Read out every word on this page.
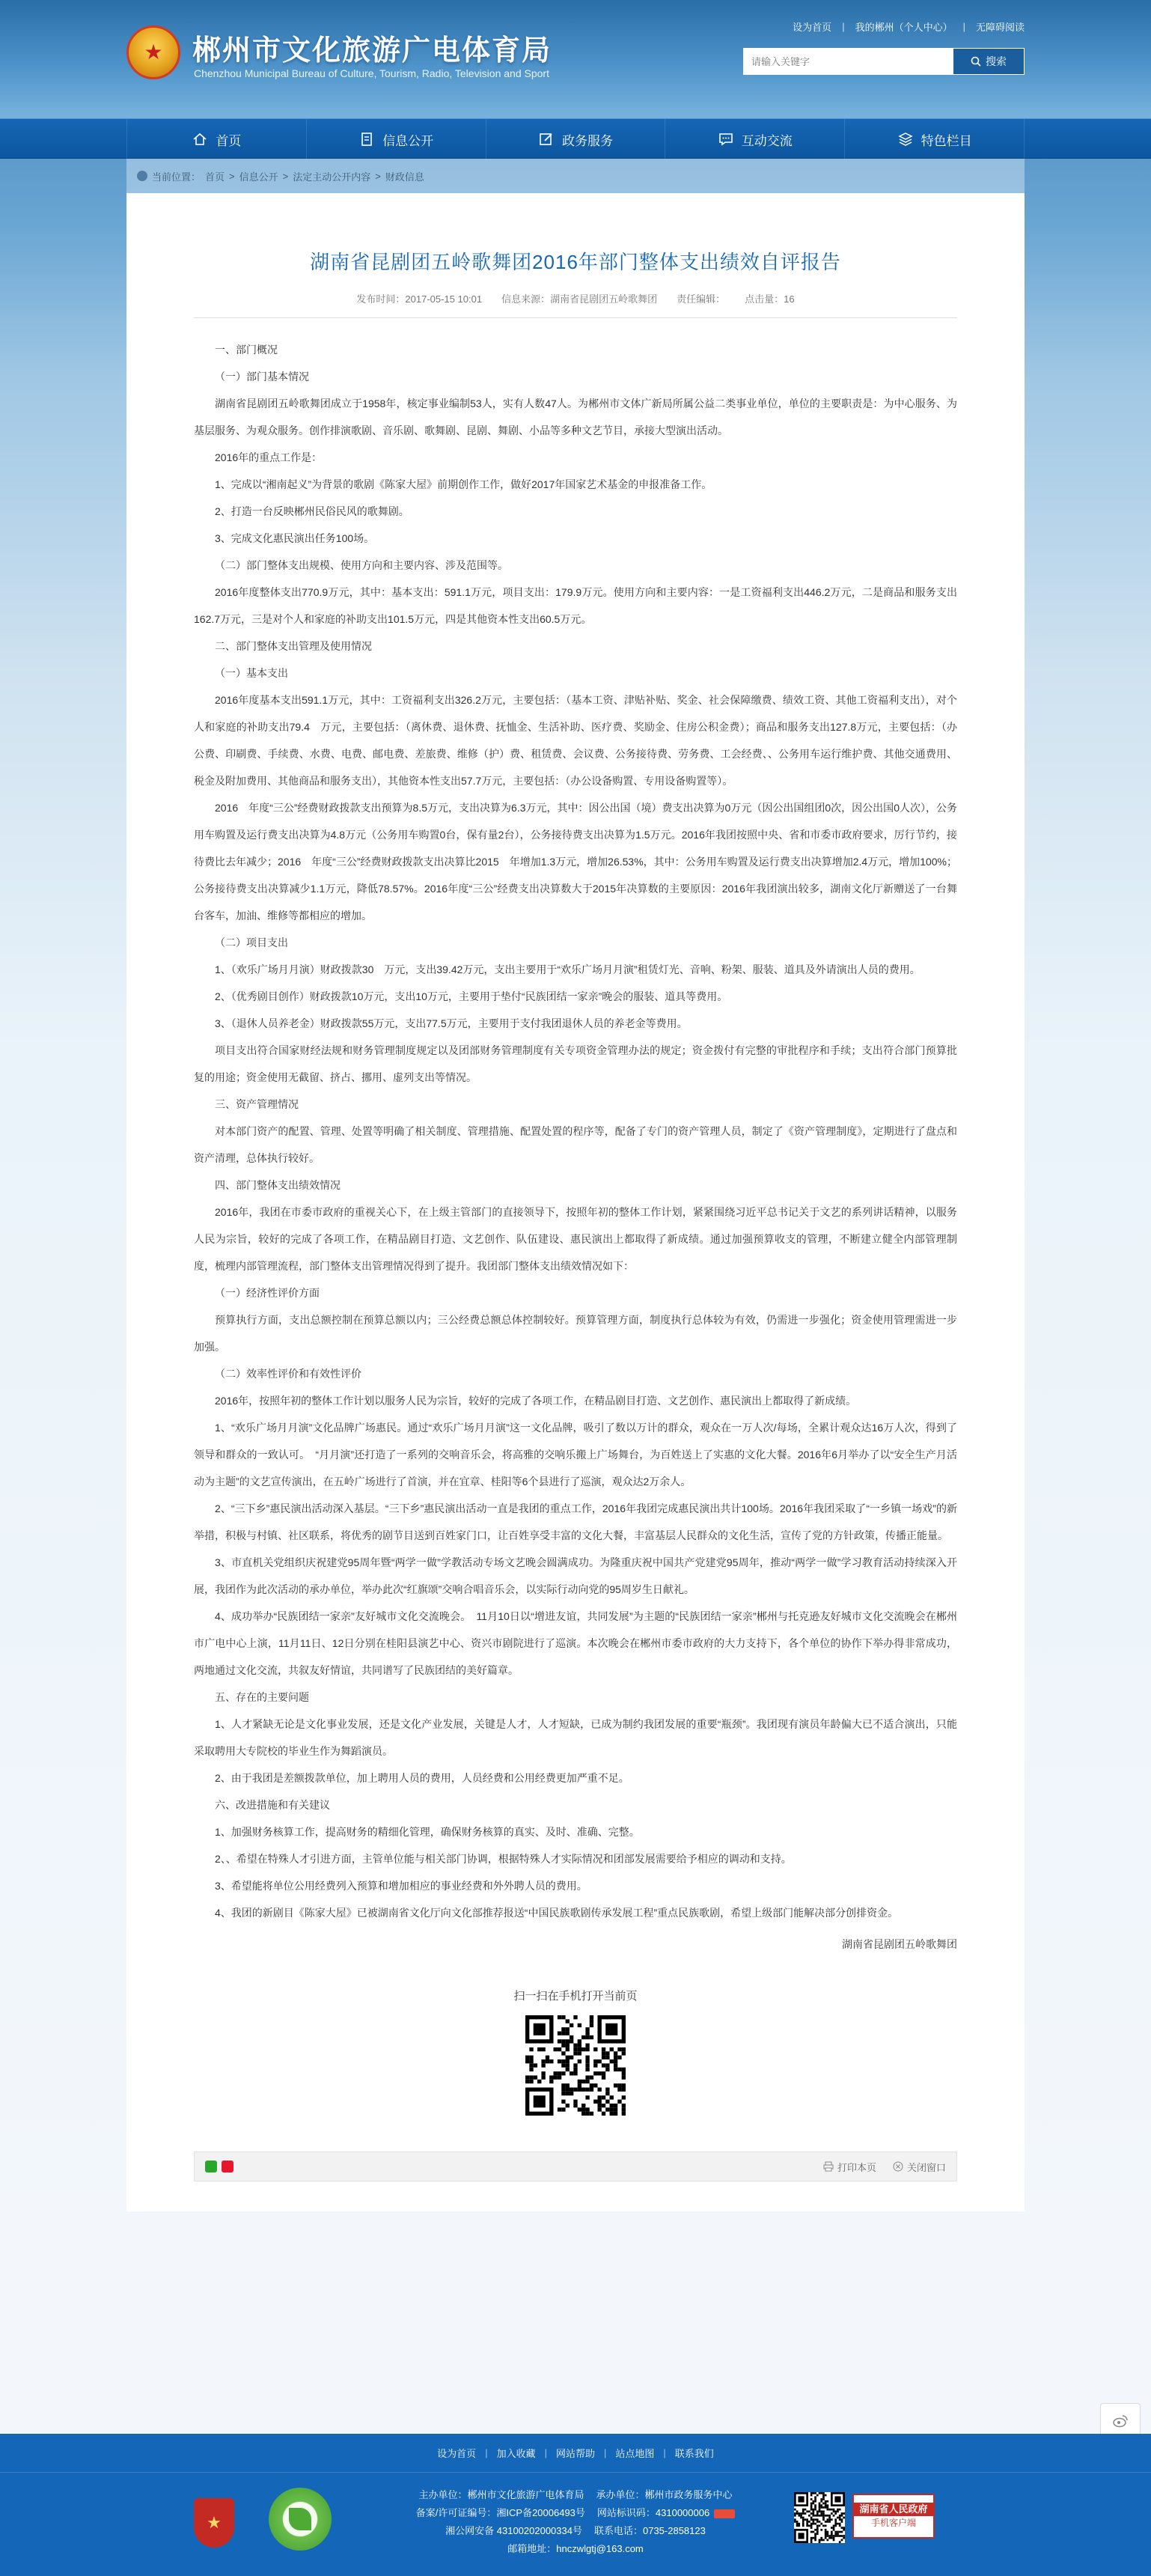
★ 郴州市文化旅游广电体育局
Chenzhou Municipal Bureau of Culture, Tourism, Radio, Television and Sport
设为首页 | 我的郴州（个人中心） | 无障碍阅读
请输入关键字
搜索
首页	信息公开	政务服务	互动交流	特色栏目
当前位置： 首页 > 信息公开 > 法定主动公开内容 > 财政信息
湖南省昆剧团五岭歌舞团2016年部门整体支出绩效自评报告
发布时间：2017-05-15 10:01 信息来源：湖南省昆剧团五岭歌舞团 责任编辑： 点击量：16

一、部门概况

（一）部门基本情况

湖南省昆剧团五岭歌舞团成立于1958年，核定事业编制53人，实有人数47人。为郴州市文体广新局所属公益二类事业单位，单位的主要职责是：为中心服务、为基层服务、为观众服务。创作排演歌剧、音乐剧、歌舞剧、昆剧、舞剧、小品等多种文艺节目，承接大型演出活动。

2016年的重点工作是：

1、完成以“湘南起义”为背景的歌剧《陈家大屋》前期创作工作，做好2017年国家艺术基金的申报准备工作。

2、打造一台反映郴州民俗民风的歌舞剧。

3、完成文化惠民演出任务100场。

（二）部门整体支出规模、使用方向和主要内容、涉及范围等。

2016年度整体支出770.9万元，其中：基本支出：591.1万元，项目支出：179.9万元。使用方向和主要内容：一是工资福利支出446.2万元，二是商品和服务支出162.7万元，三是对个人和家庭的补助支出101.5万元，四是其他资本性支出60.5万元。

二、部门整体支出管理及使用情况

（一）基本支出

2016年度基本支出591.1万元，其中：工资福利支出326.2万元，主要包括：（基本工资、津贴补贴、奖金、社会保障缴费、绩效工资、其他工资福利支出），对个人和家庭的补助支出79.4　万元，主要包括：（离休费、退休费、抚恤金、生活补助、医疗费、奖励金、住房公积金费）；商品和服务支出127.8万元，主要包括：（办公费、印刷费、手续费、水费、电费、邮电费、差旅费、维修（护）费、租赁费、会议费、公务接待费、劳务费、工会经费、、公务用车运行维护费、其他交通费用、税金及附加费用、其他商品和服务支出），其他资本性支出57.7万元，主要包括：（办公设备购置、专用设备购置等）。

2016　年度“三公”经费财政拨款支出预算为8.5万元，支出决算为6.3万元，其中：因公出国（境）费支出决算为0万元（因公出国组团0次，因公出国0人次），公务用车购置及运行费支出决算为4.8万元（公务用车购置0台，保有量2台），公务接待费支出决算为1.5万元。2016年我团按照中央、省和市委市政府要求，厉行节约，接待费比去年减少；2016　年度“三公”经费财政拨款支出决算比2015　年增加1.3万元，增加26.53%，其中：公务用车购置及运行费支出决算增加2.4万元，增加100%；公务接待费支出决算减少1.1万元，降低78.57%。2016年度“三公”经费支出决算数大于2015年决算数的主要原因：2016年我团演出较多，湖南文化厅新赠送了一台舞台客车，加油、维修等都相应的增加。

（二）项目支出

1、（欢乐广场月月演）财政拨款30　万元，支出39.42万元，支出主要用于“欢乐广场月月演”租赁灯光、音响、粉架、服装、道具及外请演出人员的费用。

2、（优秀剧目创作）财政拨款10万元，支出10万元，主要用于垫付“民族团结一家亲”晚会的服装、道具等费用。

3、（退休人员养老金）财政拨款55万元，支出77.5万元，主要用于支付我团退休人员的养老金等费用。

项目支出符合国家财经法规和财务管理制度规定以及团部财务管理制度有关专项资金管理办法的规定；资金拨付有完整的审批程序和手续；支出符合部门预算批复的用途；资金使用无截留、挤占、挪用、虚列支出等情况。

三、资产管理情况

对本部门资产的配置、管理、处置等明确了相关制度、管理措施、配置处置的程序等，配备了专门的资产管理人员，制定了《资产管理制度》，定期进行了盘点和资产清理，总体执行较好。

四、部门整体支出绩效情况

2016年，我团在市委市政府的重视关心下，在上级主管部门的直接领导下，按照年初的整体工作计划，紧紧围绕习近平总书记关于文艺的系列讲话精神，以服务人民为宗旨，较好的完成了各项工作，在精品剧目打造、文艺创作、队伍建设、惠民演出上都取得了新成绩。通过加强预算收支的管理，不断建立健全内部管理制度，梳理内部管理流程，部门整体支出管理情况得到了提升。我团部门整体支出绩效情况如下：

（一）经济性评价方面

预算执行方面，支出总额控制在预算总额以内；三公经费总额总体控制较好。预算管理方面，制度执行总体较为有效，仍需进一步强化；资金使用管理需进一步加强。

（二）效率性评价和有效性评价

2016年，按照年初的整体工作计划以服务人民为宗旨，较好的完成了各项工作，在精品剧目打造、文艺创作、惠民演出上都取得了新成绩。

1、“欢乐广场月月演”文化品牌广场惠民。通过“欢乐广场月月演”这一文化品牌，吸引了数以万计的群众，观众在一万人次/每场，全累计观众达16万人次，得到了领导和群众的一致认可。　“月月演”还打造了一系列的交响音乐会，将高雅的交响乐搬上广场舞台，为百姓送上了实惠的文化大餐。2016年6月举办了以“安全生产月活动为主题”的文艺宣传演出，在五岭广场进行了首演，并在宜章、桂阳等6个县进行了巡演，观众达2万余人。

2、“三下乡”惠民演出活动深入基层。“三下乡”惠民演出活动一直是我团的重点工作，2016年我团完成惠民演出共计100场。2016年我团采取了“一乡镇一场戏”的新举措，积极与村镇、社区联系，将优秀的剧节目送到百姓家门口，让百姓享受丰富的文化大餐，丰富基层人民群众的文化生活，宣传了党的方针政策，传播正能量。

3、市直机关党组织庆祝建党95周年暨“两学一做”学教活动专场文艺晚会圆满成功。为隆重庆祝中国共产党建党95周年，推动“两学一做”学习教育活动持续深入开展，我团作为此次活动的承办单位，举办此次“红旗颂”交响合唱音乐会，以实际行动向党的95周岁生日献礼。

4、成功举办“民族团结一家亲”友好城市文化交流晚会。　11月10日以“增进友谊，共同发展”为主题的“民族团结一家亲”郴州与托克逊友好城市文化交流晚会在郴州市广电中心上演，11月11日、12日分别在桂阳县演艺中心、资兴市剧院进行了巡演。本次晚会在郴州市委市政府的大力支持下，各个单位的协作下举办得非常成功，两地通过文化交流，共叙友好情谊，共同谱写了民族团结的美好篇章。

五、存在的主要问题

1、人才紧缺无论是文化事业发展，还是文化产业发展，关键是人才，人才短缺，已成为制约我团发展的重要“瓶颈”。我团现有演员年龄偏大已不适合演出，只能采取聘用大专院校的毕业生作为舞蹈演员。

2、由于我团是差额拨款单位，加上聘用人员的费用，人员经费和公用经费更加严重不足。

六、改进措施和有关建议

1、加强财务核算工作，提高财务的精细化管理，确保财务核算的真实、及时、准确、完整。

2、、希望在特殊人才引进方面，主管单位能与相关部门协调，根据特殊人才实际情况和团部发展需要给予相应的调动和支持。

3、希望能将单位公用经费列入预算和增加相应的事业经费和外外聘人员的费用。

4、我团的新剧目《陈家大屋》已被湖南省文化厅向文化部推荐报送“中国民族歌剧传承发展工程”重点民族歌剧，希望上级部门能解决部分创排资金。

湖南省昆剧团五岭歌舞团
扫一扫在手机打开当前页
打印本页	关闭窗口
设为首页 | 加入收藏 | 网站帮助 | 站点地图 | 联系我们
★
主办单位：郴州市文化旅游广电体育局 承办单位：郴州市政务服务中心
备案/许可证编号：湘ICP备20006493号 网站标识码：4310000006
湘公网安备 43100202000334号 联系电话：0735-2858123
邮箱地址：hnczwlgtj@163.com
湖南省人民政府
手机客户端
